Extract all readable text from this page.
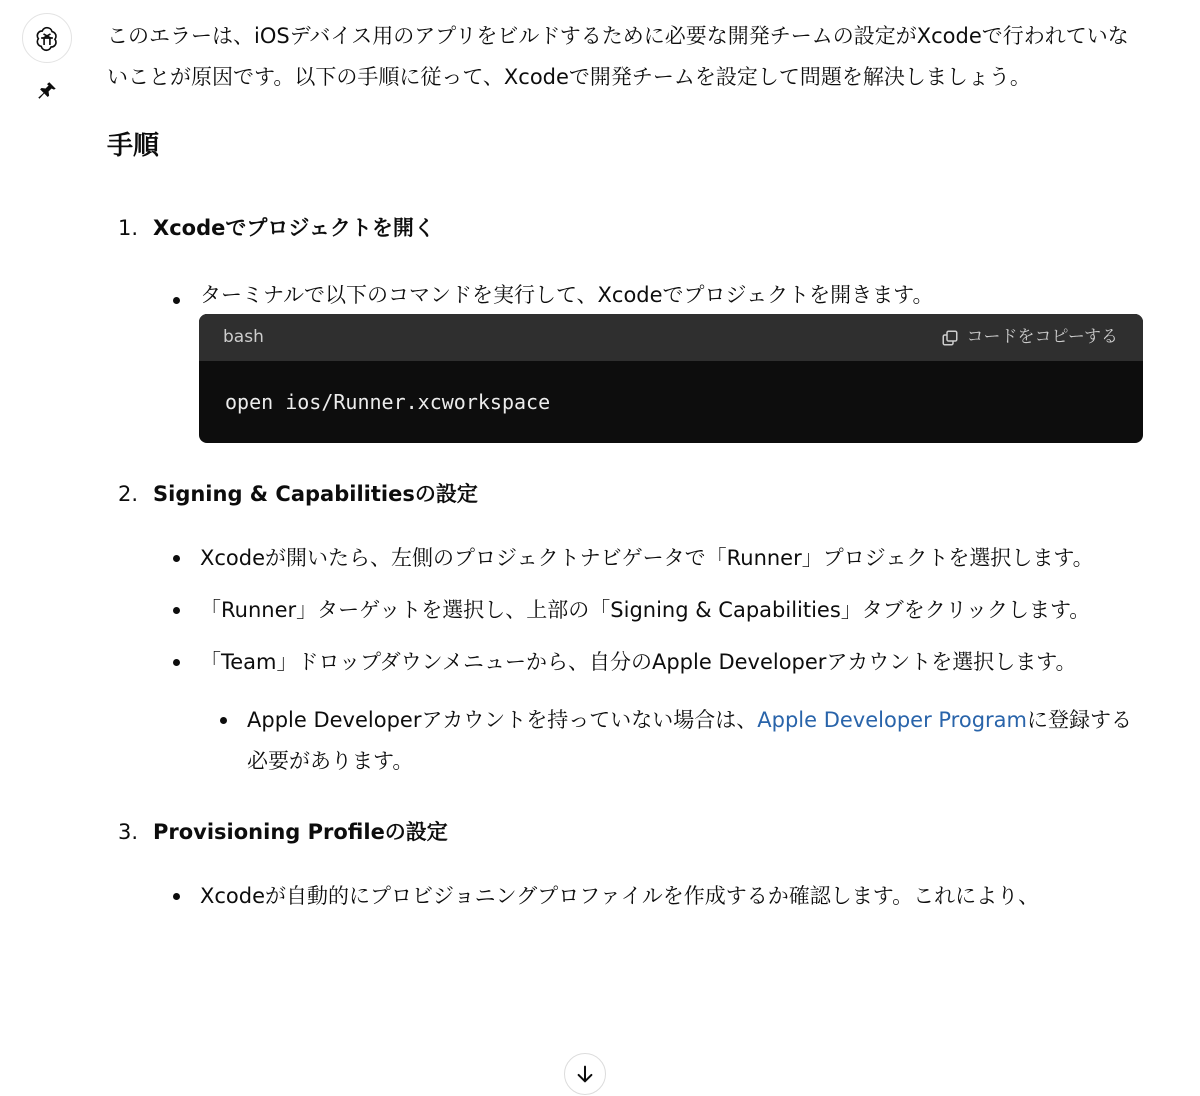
このエラーは、iOSデバイス用のアプリをビルドするために必要な開発チームの設定がXcodeで行われていないことが原因です。以下の手順に従って、Xcodeで開発チームを設定して問題を解決しましょう。

手順
1. Xcodeでプロジェクトを開く
ターミナルで以下のコマンドを実行して、Xcodeでプロジェクトを開きます。
bash	コードをコピーする
open ios/Runner.xcworkspace
2. Signing & Capabilitiesの設定
Xcodeが開いたら、左側のプロジェクトナビゲータで「Runner」プロジェクトを選択します。
「Runner」ターゲットを選択し、上部の「Signing & Capabilities」タブをクリックします。
「Team」ドロップダウンメニューから、自分のApple Developerアカウントを選択します。
Apple Developerアカウントを持っていない場合は、Apple Developer Programに登録する必要があります。
3. Provisioning Profileの設定
Xcodeが自動的にプロビジョニングプロファイルを作成するか確認します。これにより、
